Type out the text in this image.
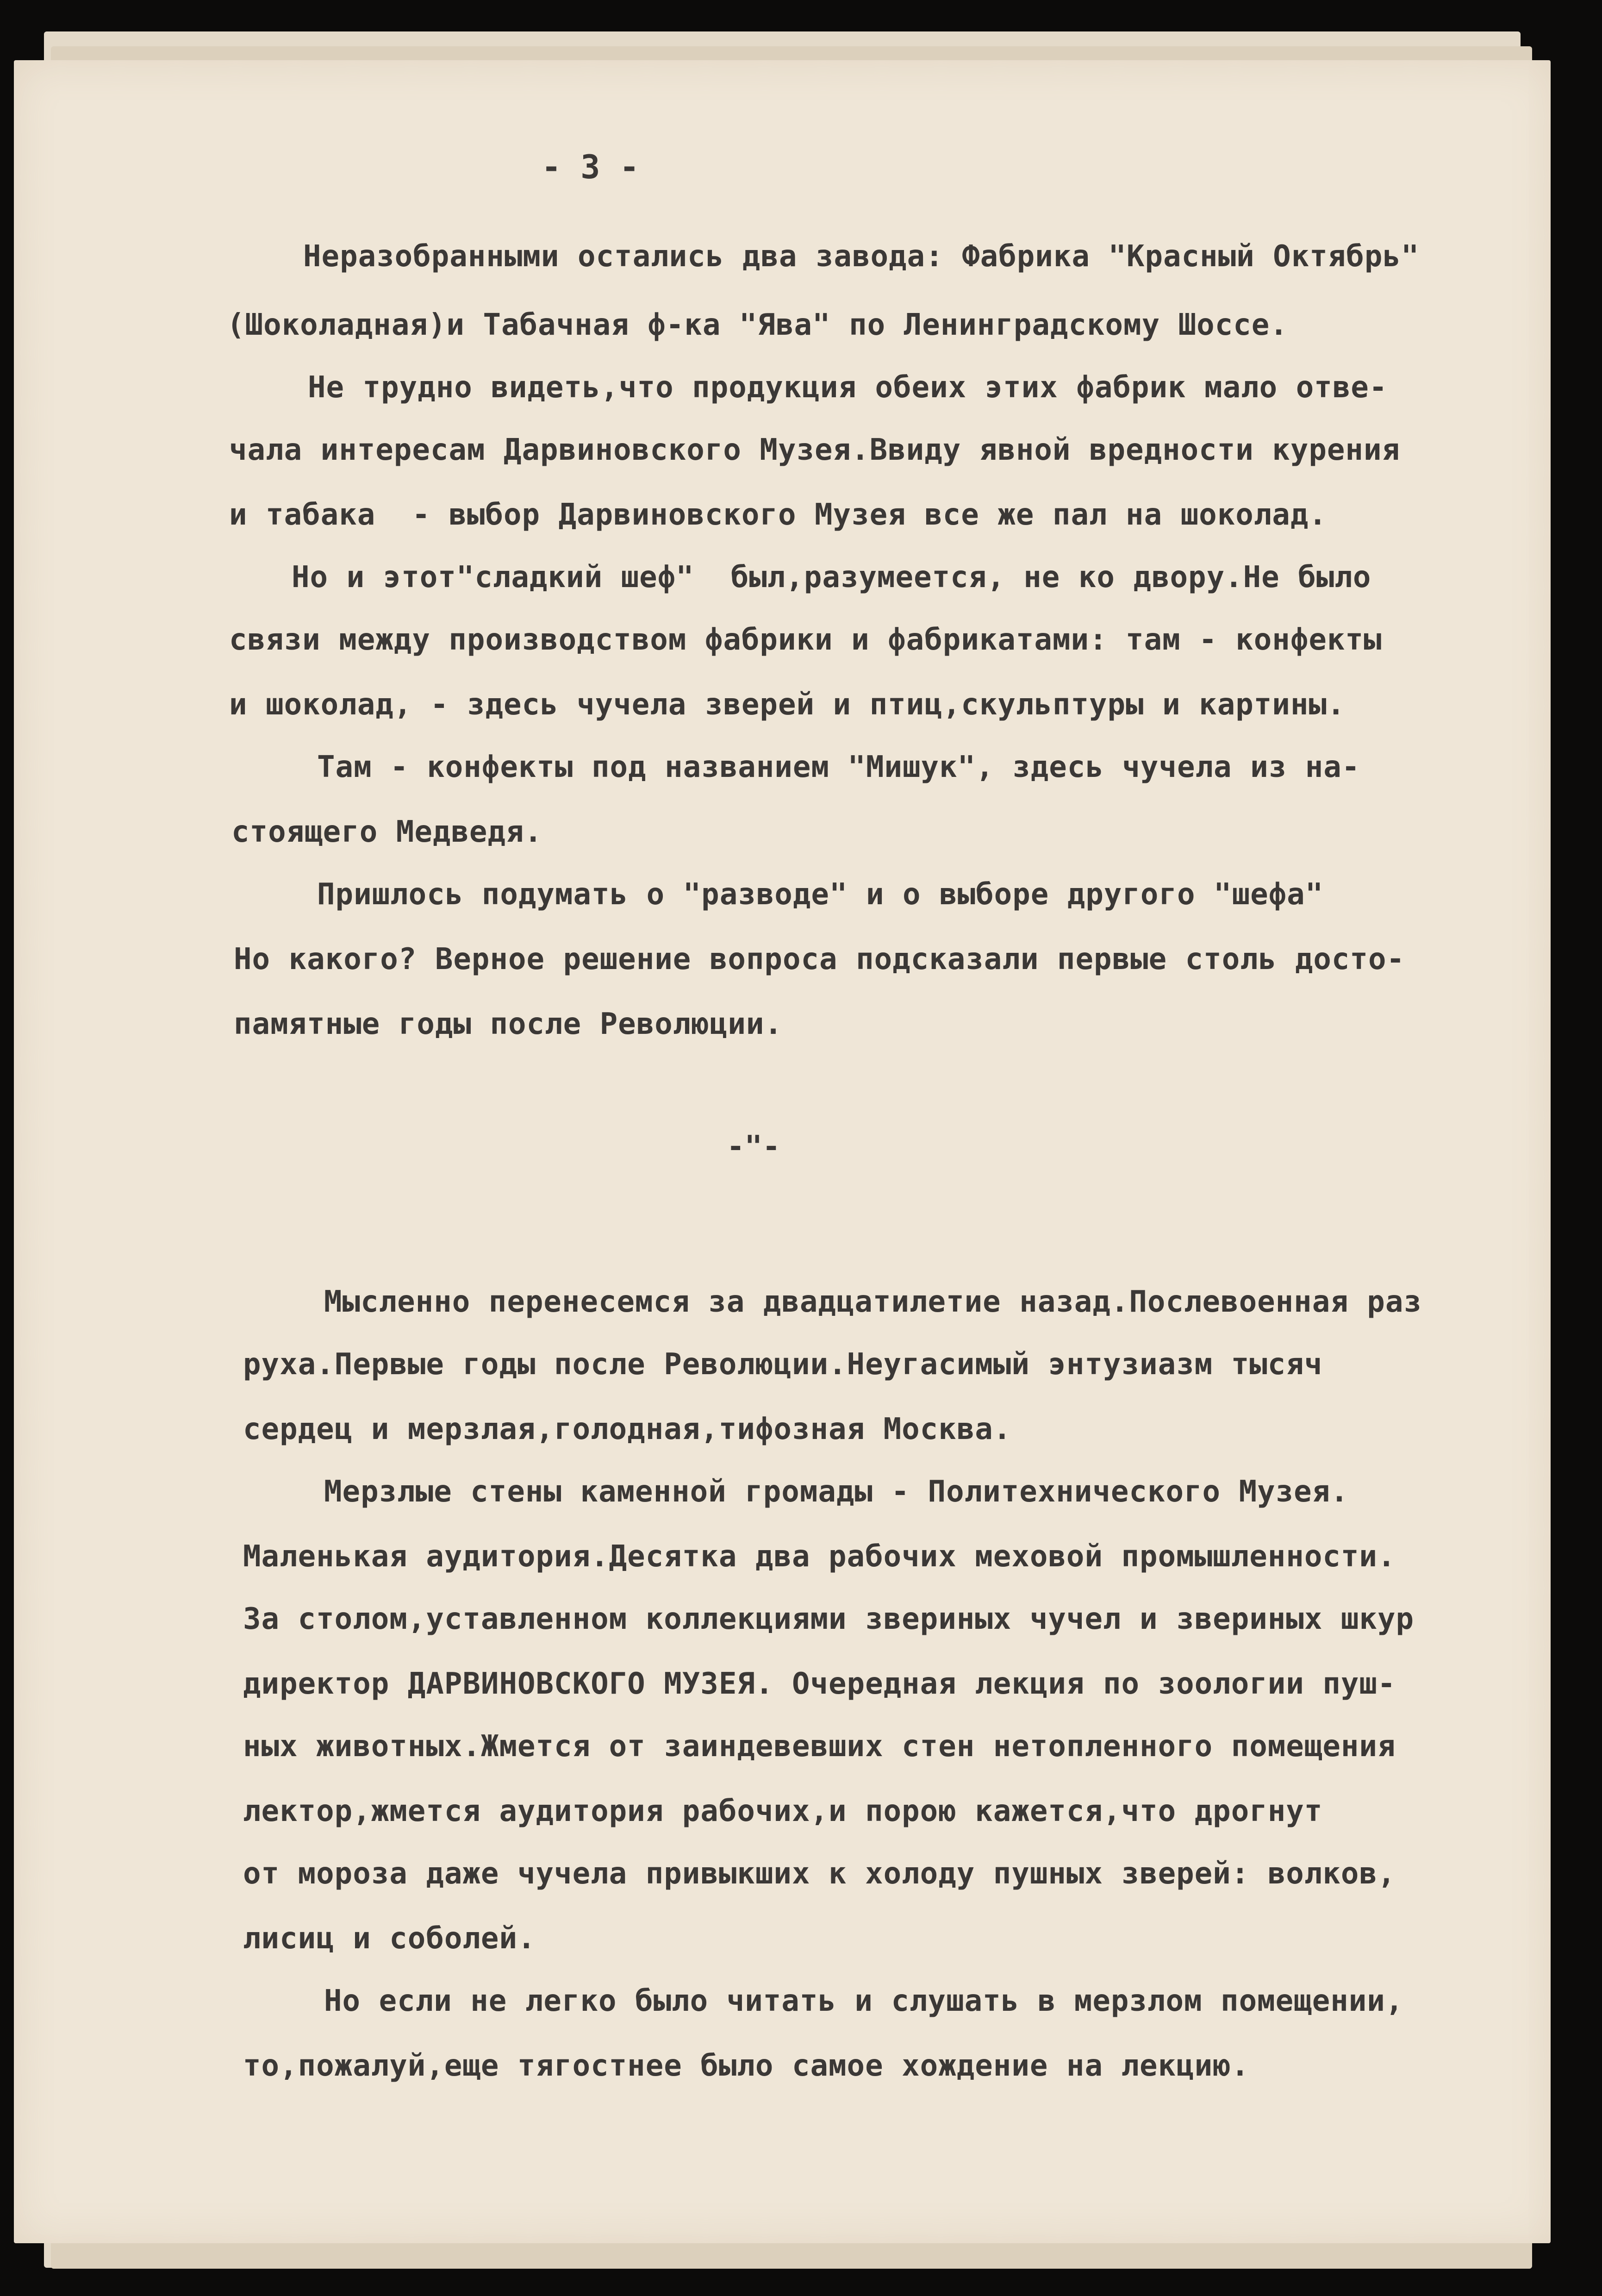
- 3 -

Неразобранными остались два завода: Фабрика "Красный Октябрь"

(Шоколадная)и Табачная ф-ка "Ява" по Ленинградскому Шоссе.

Не трудно видеть,что продукция обеих этих фабрик мало отве-

чала интересам Дарвиновского Музея.Ввиду явной вредности курения

и табака  - выбор Дарвиновского Музея все же пал на шоколад.

Но и этот"сладкий шеф"  был,разумеется, не ко двору.Не было

связи между производством фабрики и фабрикатами: там - конфекты

и шоколад, - здесь чучела зверей и птиц,скульптуры и картины.

Там - конфекты под названием "Мишук", здесь чучела из на-

стоящего Медведя.

Пришлось подумать о "разводе" и о выборе другого "шефа"

Но какого? Верное решение вопроса подсказали первые столь досто-

памятные годы после Революции.

-"-

Мысленно перенесемся за двадцатилетие назад.Послевоенная раз

руха.Первые годы после Революции.Неугасимый энтузиазм тысяч

сердец и мерзлая,голодная,тифозная Москва.

Мерзлые стены каменной громады - Политехнического Музея.

Маленькая аудитория.Десятка два рабочих меховой промышленности.

За столом,уставленном коллекциями звериных чучел и звериных шкур

директор ДАРВИНОВСКОГО МУЗЕЯ. Очередная лекция по зоологии пуш-

ных животных.Жмется от заиндевевших стен нетопленного помещения

лектор,жмется аудитория рабочих,и порою кажется,что дрогнут

от мороза даже чучела привыкших к холоду пушных зверей: волков,

лисиц и соболей.

Но если не легко было читать и слушать в мерзлом помещении,

то,пожалуй,еще тягостнее было самое хождение на лекцию.
